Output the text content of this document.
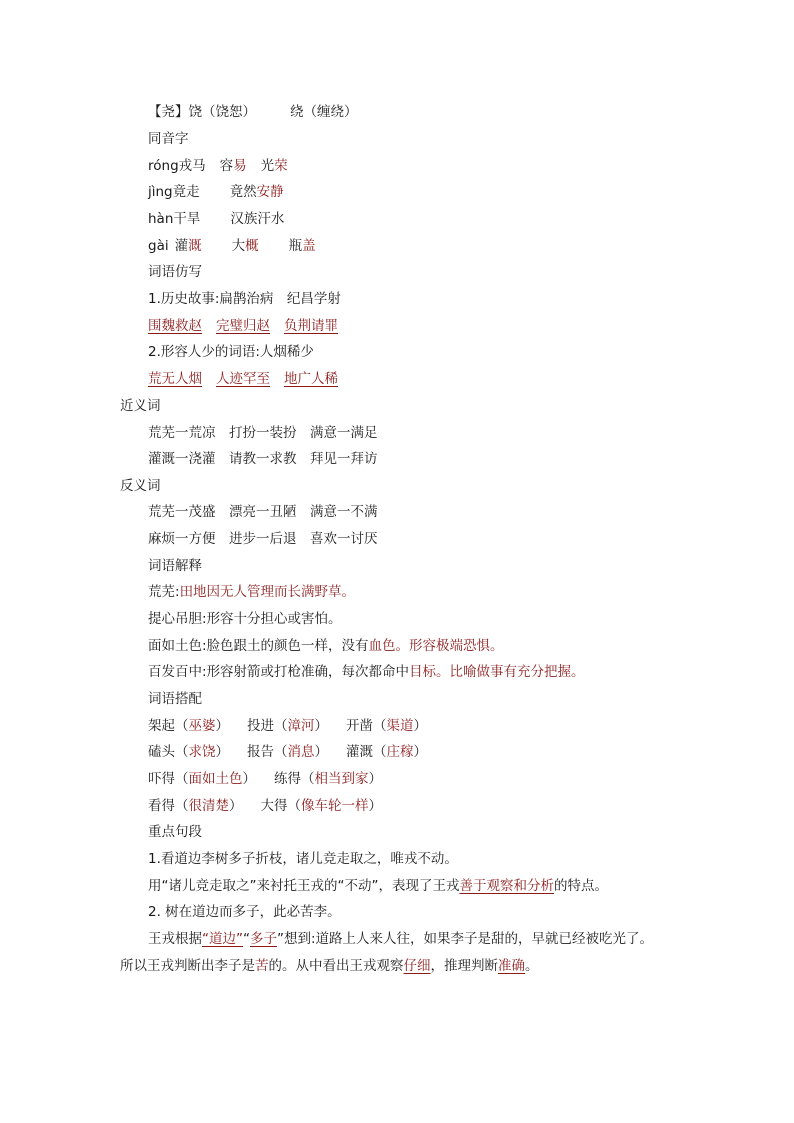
【尧】饶（饶恕）	绕（缠绕）
同音字
róng戎马 容易 光荣
jìng竟走 竟然安静
hàn干旱 汉族汗水
gài 灌溉 大概 瓶盖
词语仿写
1.历史故事:扁鹊治病　纪昌学射
围魏救赵 完璧归赵 负荆请罪
2.形容人少的词语:人烟稀少
荒无人烟 人迹罕至 地广人稀
近义词
荒芜一荒凉　打扮一装扮　满意一满足
灌溉一浇灌　请教一求教　拜见一拜访
反义词
荒芜一茂盛　漂亮一丑陋　满意一不满
麻烦一方便　进步一后退　喜欢一讨厌
词语解释
荒芜:田地因无人管理而长满野草。
提心吊胆:形容十分担心或害怕。
面如土色:脸色跟土的颜色一样，没有血色。形容极端恐惧。
百发百中:形容射箭或打枪准确，每次都命中目标。比喻做事有充分把握。
词语搭配
架起（巫婆） 投进（漳河） 开凿（渠道）
磕头（求饶） 报告（消息） 灌溉（庄稼）
吓得（面如土色） 练得（相当到家）
看得（很清楚） 大得（像车轮一样）
重点句段
1.看道边李树多子折枝，诸儿竞走取之，唯戎不动。
用“诸儿竞走取之”来衬托王戎的“不动”，表现了王戎善于观察和分析的特点。
2. 树在道边而多子，此必苦李。
王戎根据“道边”“多子”想到:道路上人来人往，如果李子是甜的，早就已经被吃光了。
所以王戎判断出李子是苦的。从中看出王戎观察仔细，推理判断准确。
